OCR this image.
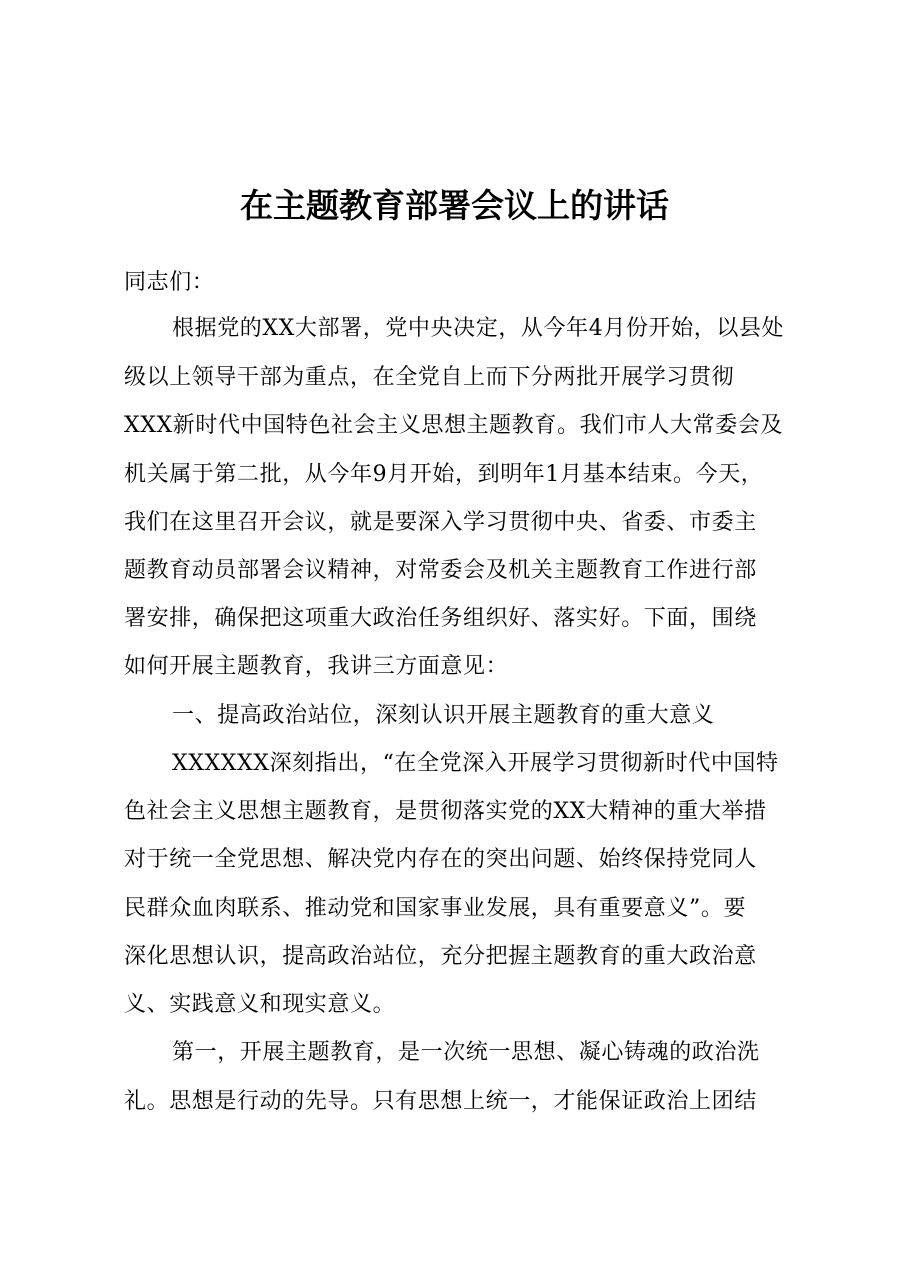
在主题教育部署会议上的讲话
同志们：
根据党的XX大部署，党中央决定，从今年4月份开始，以县处
级以上领导干部为重点，在全党自上而下分两批开展学习贯彻
XXX新时代中国特色社会主义思想主题教育。我们市人大常委会及
机关属于第二批，从今年9月开始，到明年1月基本结束。今天，
我们在这里召开会议，就是要深入学习贯彻中央、省委、市委主
题教育动员部署会议精神，对常委会及机关主题教育工作进行部
署安排，确保把这项重大政治任务组织好、落实好。下面，围绕
如何开展主题教育，我讲三方面意见：
一、提高政治站位，深刻认识开展主题教育的重大意义
XXXXXX深刻指出，“在全党深入开展学习贯彻新时代中国特
色社会主义思想主题教育，是贯彻落实党的XX大精神的重大举措
对于统一全党思想、解决党内存在的突出问题、始终保持党同人
民群众血肉联系、推动党和国家事业发展，具有重要意义”。要
深化思想认识，提高政治站位，充分把握主题教育的重大政治意
义、实践意义和现实意义。
第一，开展主题教育，是一次统一思想、凝心铸魂的政治洗
礼。思想是行动的先导。只有思想上统一，才能保证政治上团结
